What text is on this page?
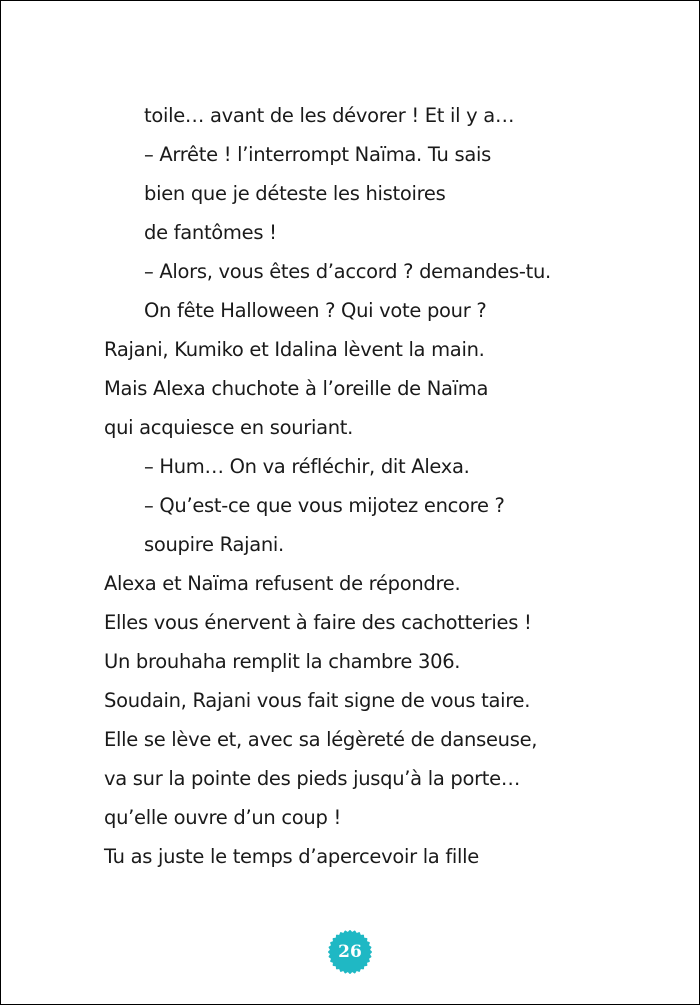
toile… avant de les dévorer ! Et il y a…
– Arrête ! l’interrompt Naïma. Tu sais
bien que je déteste les histoires
de fantômes !
– Alors, vous êtes d’accord ? demandes-tu.
On fête Halloween ? Qui vote pour ?
Rajani, Kumiko et Idalina lèvent la main.
Mais Alexa chuchote à l’oreille de Naïma
qui acquiesce en souriant.
– Hum… On va réfléchir, dit Alexa.
– Qu’est-ce que vous mijotez encore ?
soupire Rajani.
Alexa et Naïma refusent de répondre.
Elles vous énervent à faire des cachotteries !
Un brouhaha remplit la chambre 306.
Soudain, Rajani vous fait signe de vous taire.
Elle se lève et, avec sa légèreté de danseuse,
va sur la pointe des pieds jusqu’à la porte…
qu’elle ouvre d’un coup !
Tu as juste le temps d’apercevoir la fille
26
